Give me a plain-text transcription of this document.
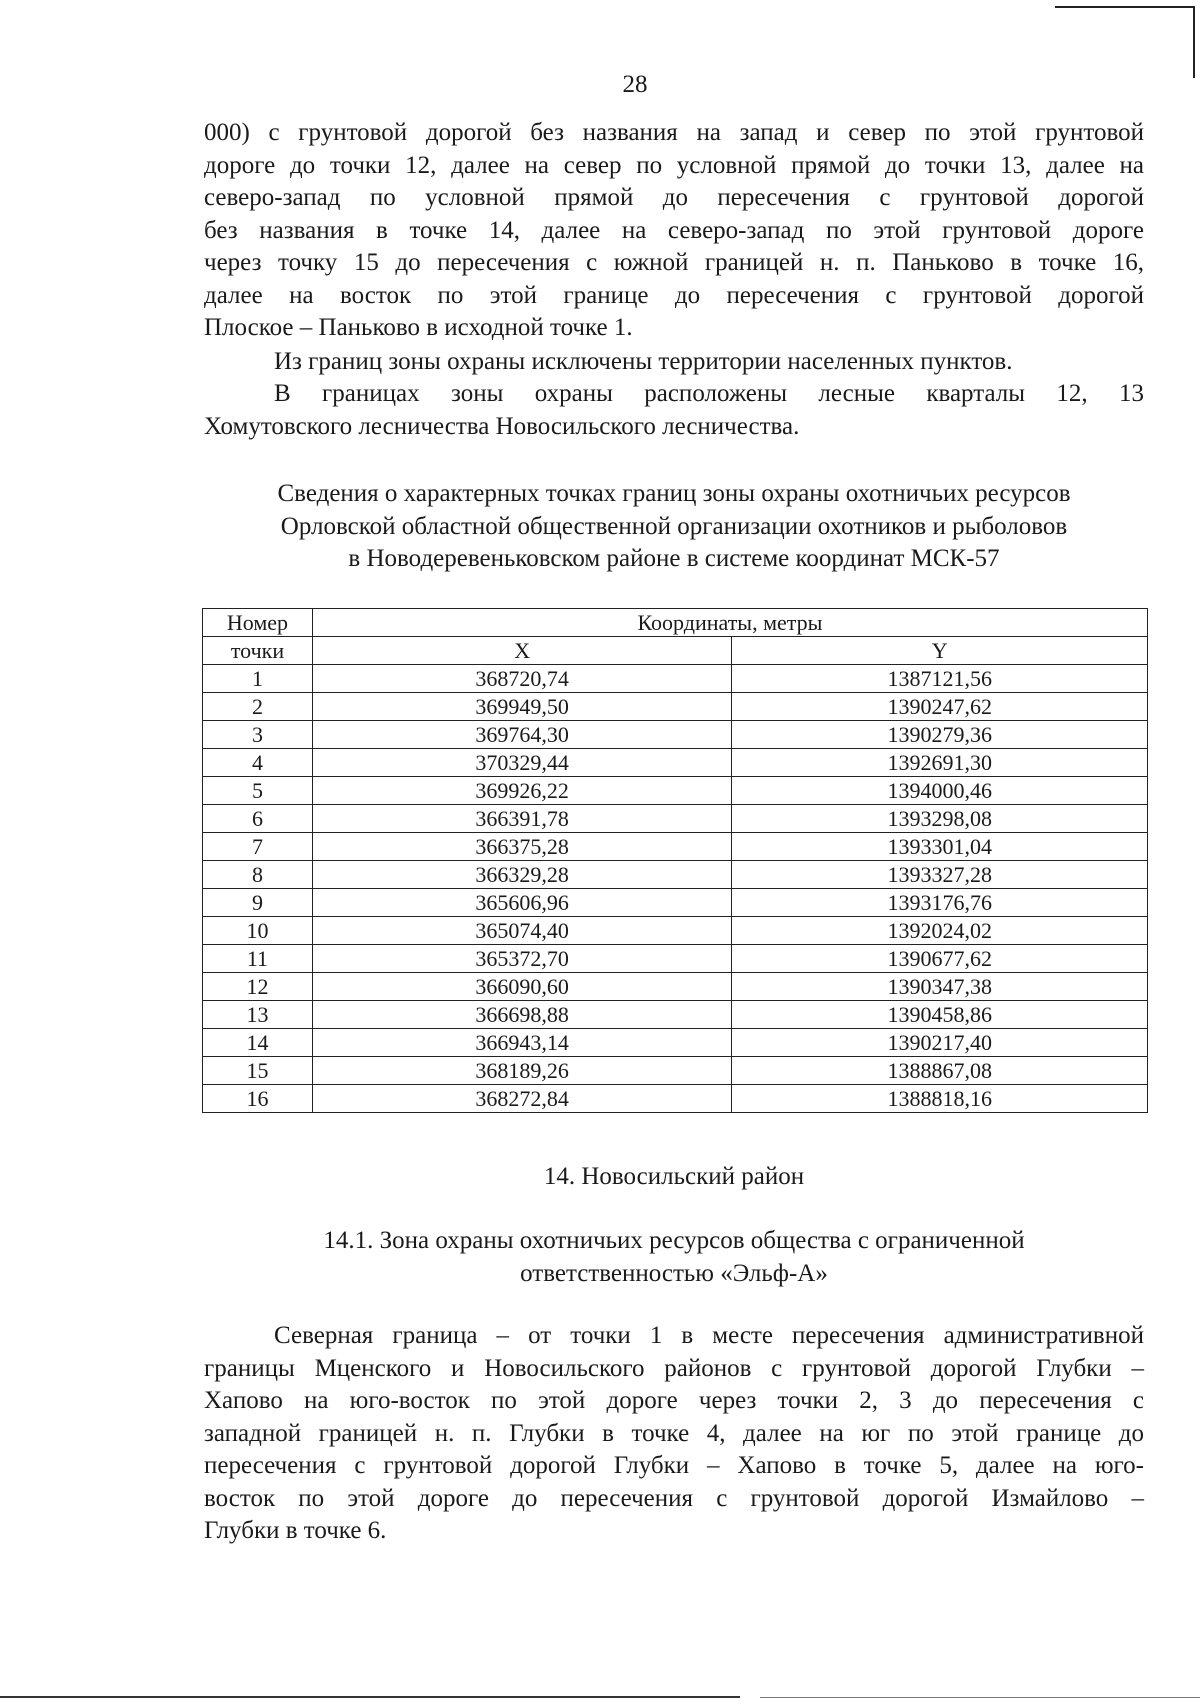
28
000) с грунтовой дорогой без названия на запад и север по этой грунтовой
дороге до точки 12, далее на север по условной прямой до точки 13, далее на
северо-запад по условной прямой до пересечения с грунтовой дорогой
без названия в точке 14, далее на северо-запад по этой грунтовой дороге
через точку 15 до пересечения с южной границей н. п. Паньково в точке 16,
далее на восток по этой границе до пересечения с грунтовой дорогой
Плоское – Паньково в исходной точке 1.
Из границ зоны охраны исключены территории населенных пунктов.
В границах зоны охраны расположены лесные кварталы 12, 13
Хомутовского лесничества Новосильского лесничества.
Сведения о характерных точках границ зоны охраны охотничьих ресурсов
Орловской областной общественной организации охотников и рыболовов
в Новодеревеньковском районе в системе координат МСК-57
Номер	Координаты, метры	
точки	X	Y
1	368720,74	1387121,56
2	369949,50	1390247,62
3	369764,30	1390279,36
4	370329,44	1392691,30
5	369926,22	1394000,46
6	366391,78	1393298,08
7	366375,28	1393301,04
8	366329,28	1393327,28
9	365606,96	1393176,76
10	365074,40	1392024,02
11	365372,70	1390677,62
12	366090,60	1390347,38
13	366698,88	1390458,86
14	366943,14	1390217,40
15	368189,26	1388867,08
16	368272,84	1388818,16
14. Новосильский район
14.1. Зона охраны охотничьих ресурсов общества с ограниченной
ответственностью «Эльф-А»
Северная граница – от точки 1 в месте пересечения административной
границы Мценского и Новосильского районов с грунтовой дорогой Глубки –
Хапово на юго-восток по этой дороге через точки 2, 3 до пересечения с
западной границей н. п. Глубки в точке 4, далее на юг по этой границе до
пересечения с грунтовой дорогой Глубки – Хапово в точке 5, далее на юго-
восток по этой дороге до пересечения с грунтовой дорогой Измайлово –
Глубки в точке 6.
